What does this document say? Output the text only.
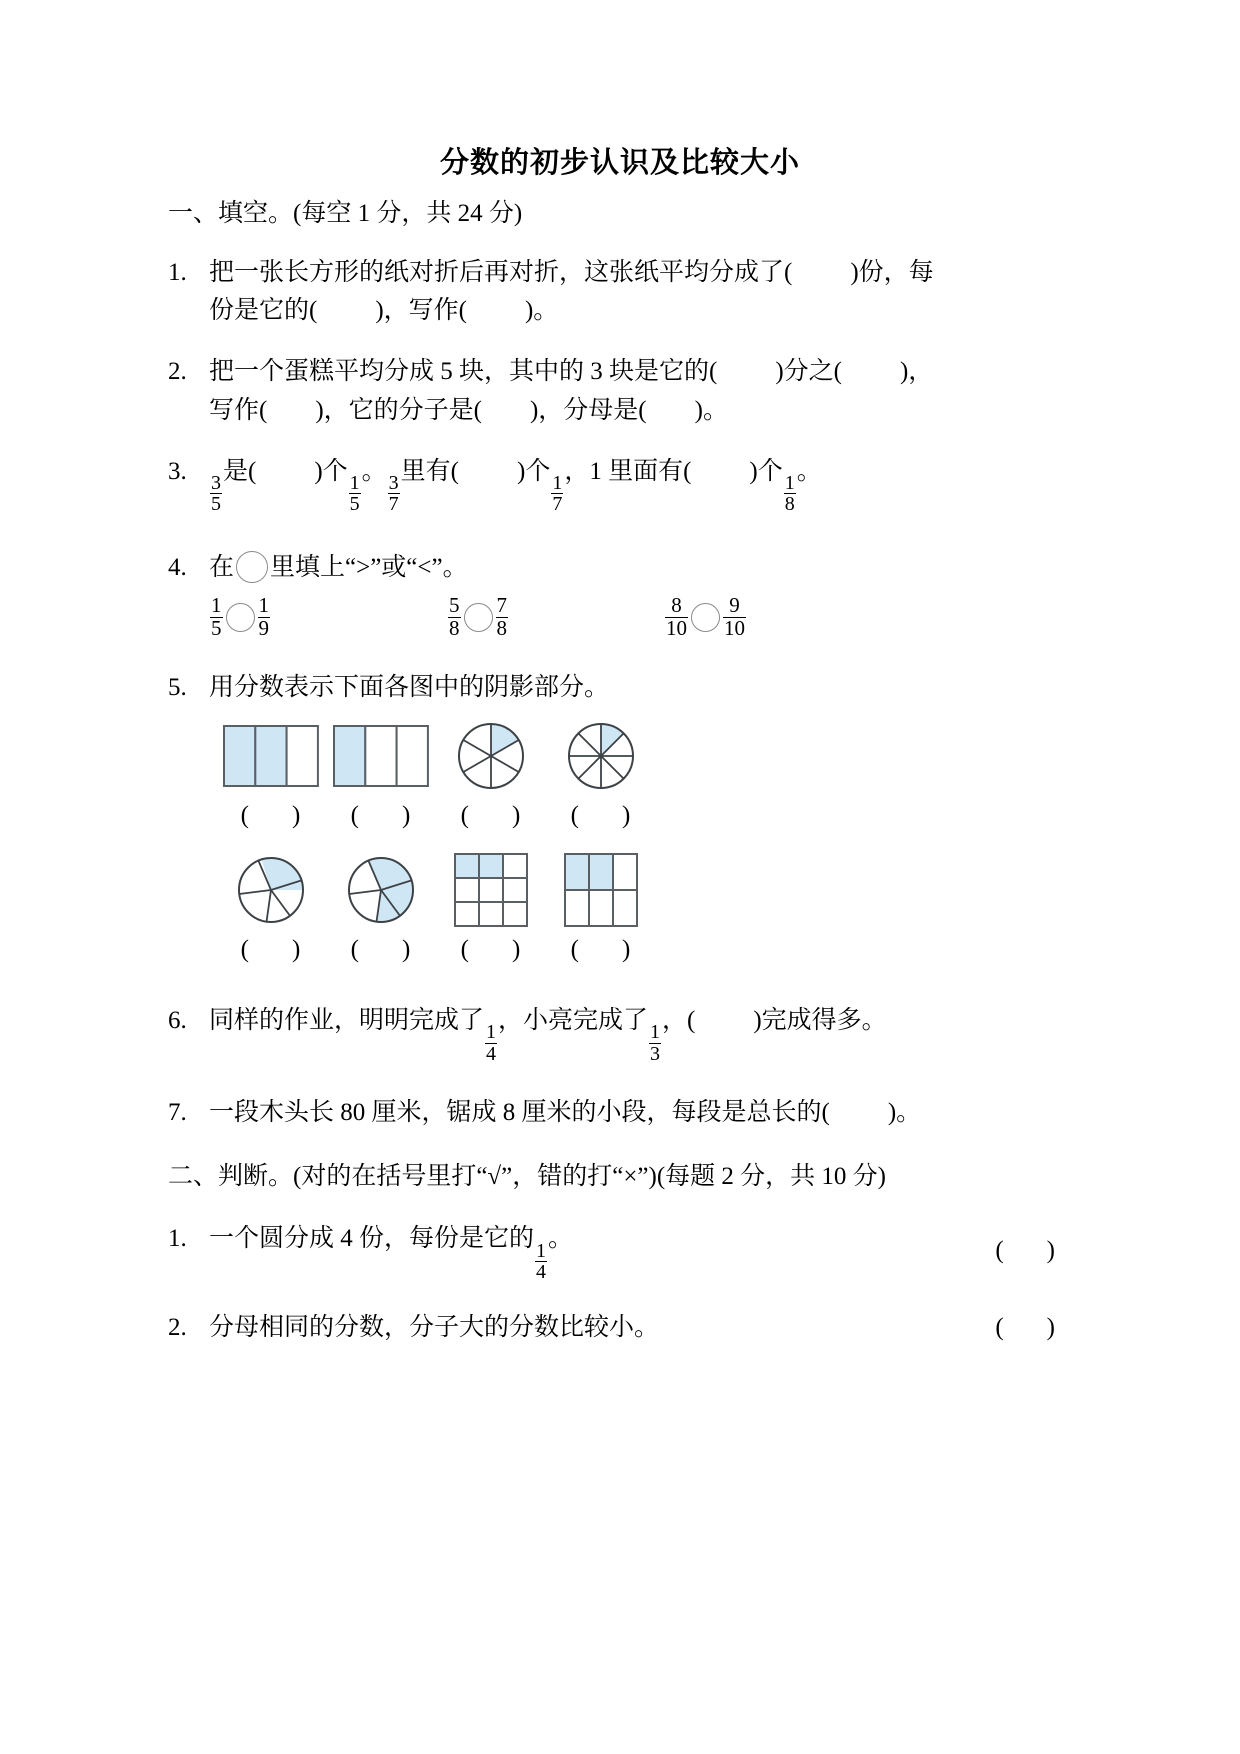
分数的初步认识及比较大小
一、填空。(每空 1 分，共 24 分)
1. 把一张长方形的纸对折后再对折，这张纸平均分成了( )份，每
份是它的( )，写作( )。
2. 把一个蛋糕平均分成 5 块，其中的 3 块是它的( )分之( )，
写作( )，它的分子是( )，分母是( )。
3.
$\frac{3}{5}$
是( )个
$\frac{1}{5}$
。
$\frac{3}{7}$
里有( )个
$\frac{1}{7}$
，1 里面有( )个
$\frac{1}{8}$
。
4. 在 里填上“>”或“<”。
$\frac{1}{5} \frac{1}{9}$	$\frac{5}{8} \frac{7}{8}$	$\frac{8}{10} \frac{9}{10}$
5. 用分数表示下面各图中的阴影部分。
( ) ( ) ( ) ( )
( ) ( ) ( ) ( )
6. 同样的作业，明明完成了
$\frac{1}{4}$
，小亮完成了
$\frac{1}{3}$
，( )完成得多。
7. 一段木头长 80 厘米，锯成 8 厘米的小段，每段是总长的( )。
二、判断。(对的在括号里打“√”，错的打“×”)(每题 2 分，共 10 分)
1. 一个圆分成 4 份，每份是它的
$\frac{1}{4}$
。	( )
2. 分母相同的分数，分子大的分数比较小。	( )
